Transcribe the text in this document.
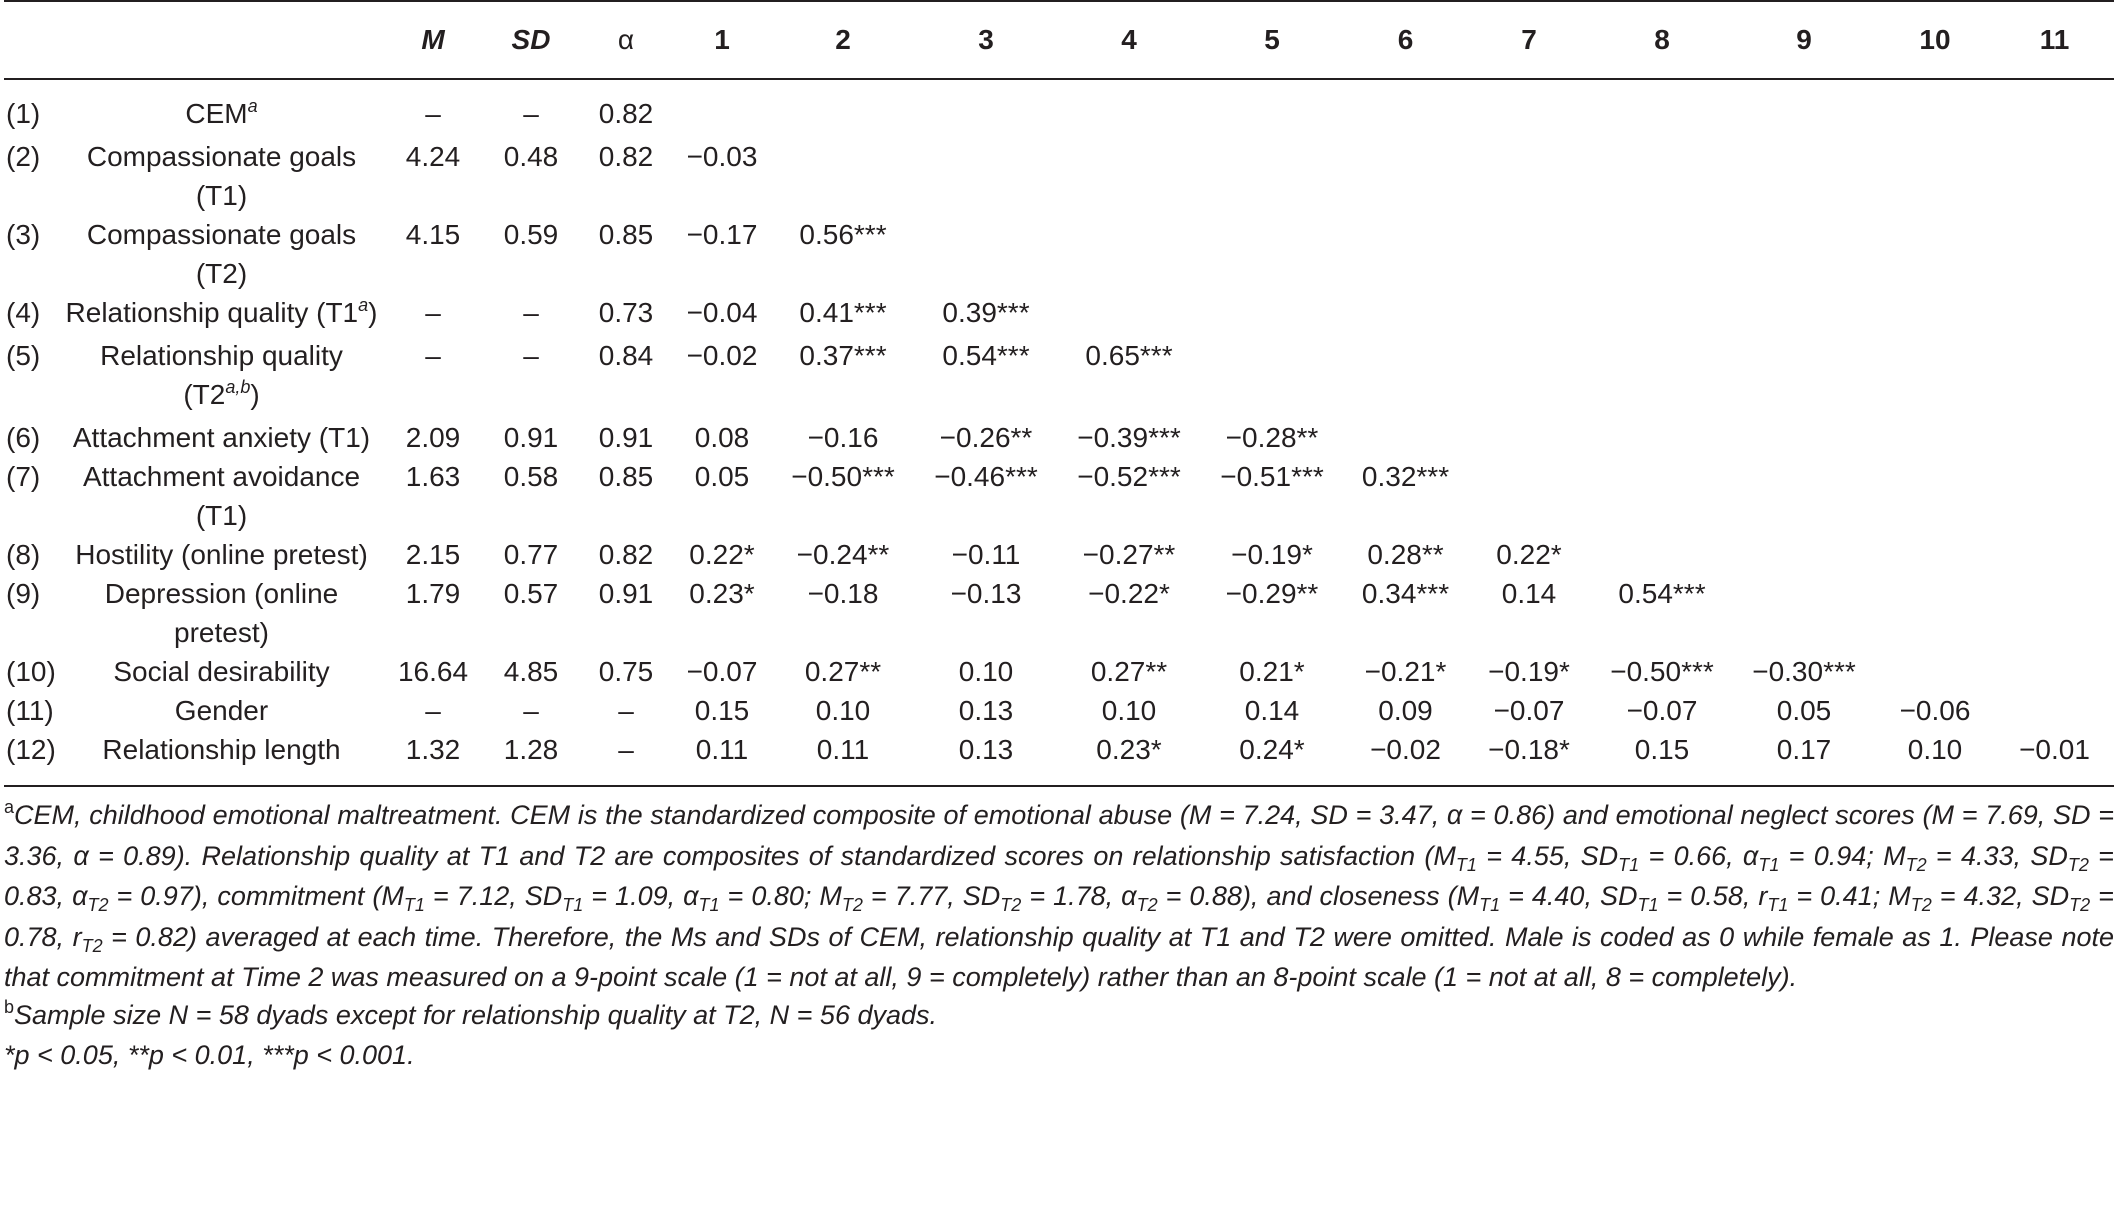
		M	SD	α	1	2	3	4	5	6	7	8	9	10	11
(1)	CEM$^a$	–	–	0.82											
(2)	Compassionate goals (T1)	4.24	0.48	0.82	−0.03										
(3)	Compassionate goals (T2)	4.15	0.59	0.85	−0.17	0.56***									
(4)	Relationship quality (T1$^a$)	–	–	0.73	−0.04	0.41***	0.39***								
(5)	Relationship quality (T2$^{a,b}$)	–	–	0.84	−0.02	0.37***	0.54***	0.65***							
(6)	Attachment anxiety (T1)	2.09	0.91	0.91	0.08	−0.16	−0.26**	−0.39***	−0.28**						
(7)	Attachment avoidance (T1)	1.63	0.58	0.85	0.05	−0.50***	−0.46***	−0.52***	−0.51***	0.32***					
(8)	Hostility (online pretest)	2.15	0.77	0.82	0.22*	−0.24**	−0.11	−0.27**	−0.19*	0.28**	0.22*				
(9)	Depression (online pretest)	1.79	0.57	0.91	0.23*	−0.18	−0.13	−0.22*	−0.29**	0.34***	0.14	0.54***			
(10)	Social desirability	16.64	4.85	0.75	−0.07	0.27**	0.10	0.27**	0.21*	−0.21*	−0.19*	−0.50***	−0.30***		
(11)	Gender	–	–	–	0.15	0.10	0.13	0.10	0.14	0.09	−0.07	−0.07	0.05	−0.06	
(12)	Relationship length	1.32	1.28	–	0.11	0.11	0.13	0.23*	0.24*	−0.02	−0.18*	0.15	0.17	0.10	−0.01

$^a$CEM, childhood emotional maltreatment. CEM is the standardized composite of emotional abuse (M = 7.24, SD = 3.47, α = 0.86) and emotional neglect scores (M = 7.69, SD = 3.36, α = 0.89). Relationship quality at T1 and T2 are composites of standardized scores on relationship satisfaction ($M_{T1} = 4.55$, $SD_{T1} = 0.66$, $\alpha_{T1} = 0.94$; $M_{T2} = 4.33$, $SD_{T2} = 0.83$, $\alpha_{T2} = 0.97$), commitment ($M_{T1} = 7.12$, $SD_{T1} = 1.09$, $\alpha_{T1} = 0.80$; $M_{T2} = 7.77$, $SD_{T2} = 1.78$, $\alpha_{T2} = 0.88$), and closeness ($M_{T1} = 4.40$, $SD_{T1} = 0.58$, $r_{T1} = 0.41$; $M_{T2} = 4.32$, $SD_{T2} = 0.78$, $r_{T2} = 0.82$) averaged at each time. Therefore, the Ms and SDs of CEM, relationship quality at T1 and T2 were omitted. Male is coded as 0 while female as 1. Please note that commitment at Time 2 was measured on a 9-point scale (1 = not at all, 9 = completely) rather than an 8-point scale (1 = not at all, 8 = completely).

$^b$Sample size N = 58 dyads except for relationship quality at T2, N = 56 dyads.

*p < 0.05, **p < 0.01, ***p < 0.001.
